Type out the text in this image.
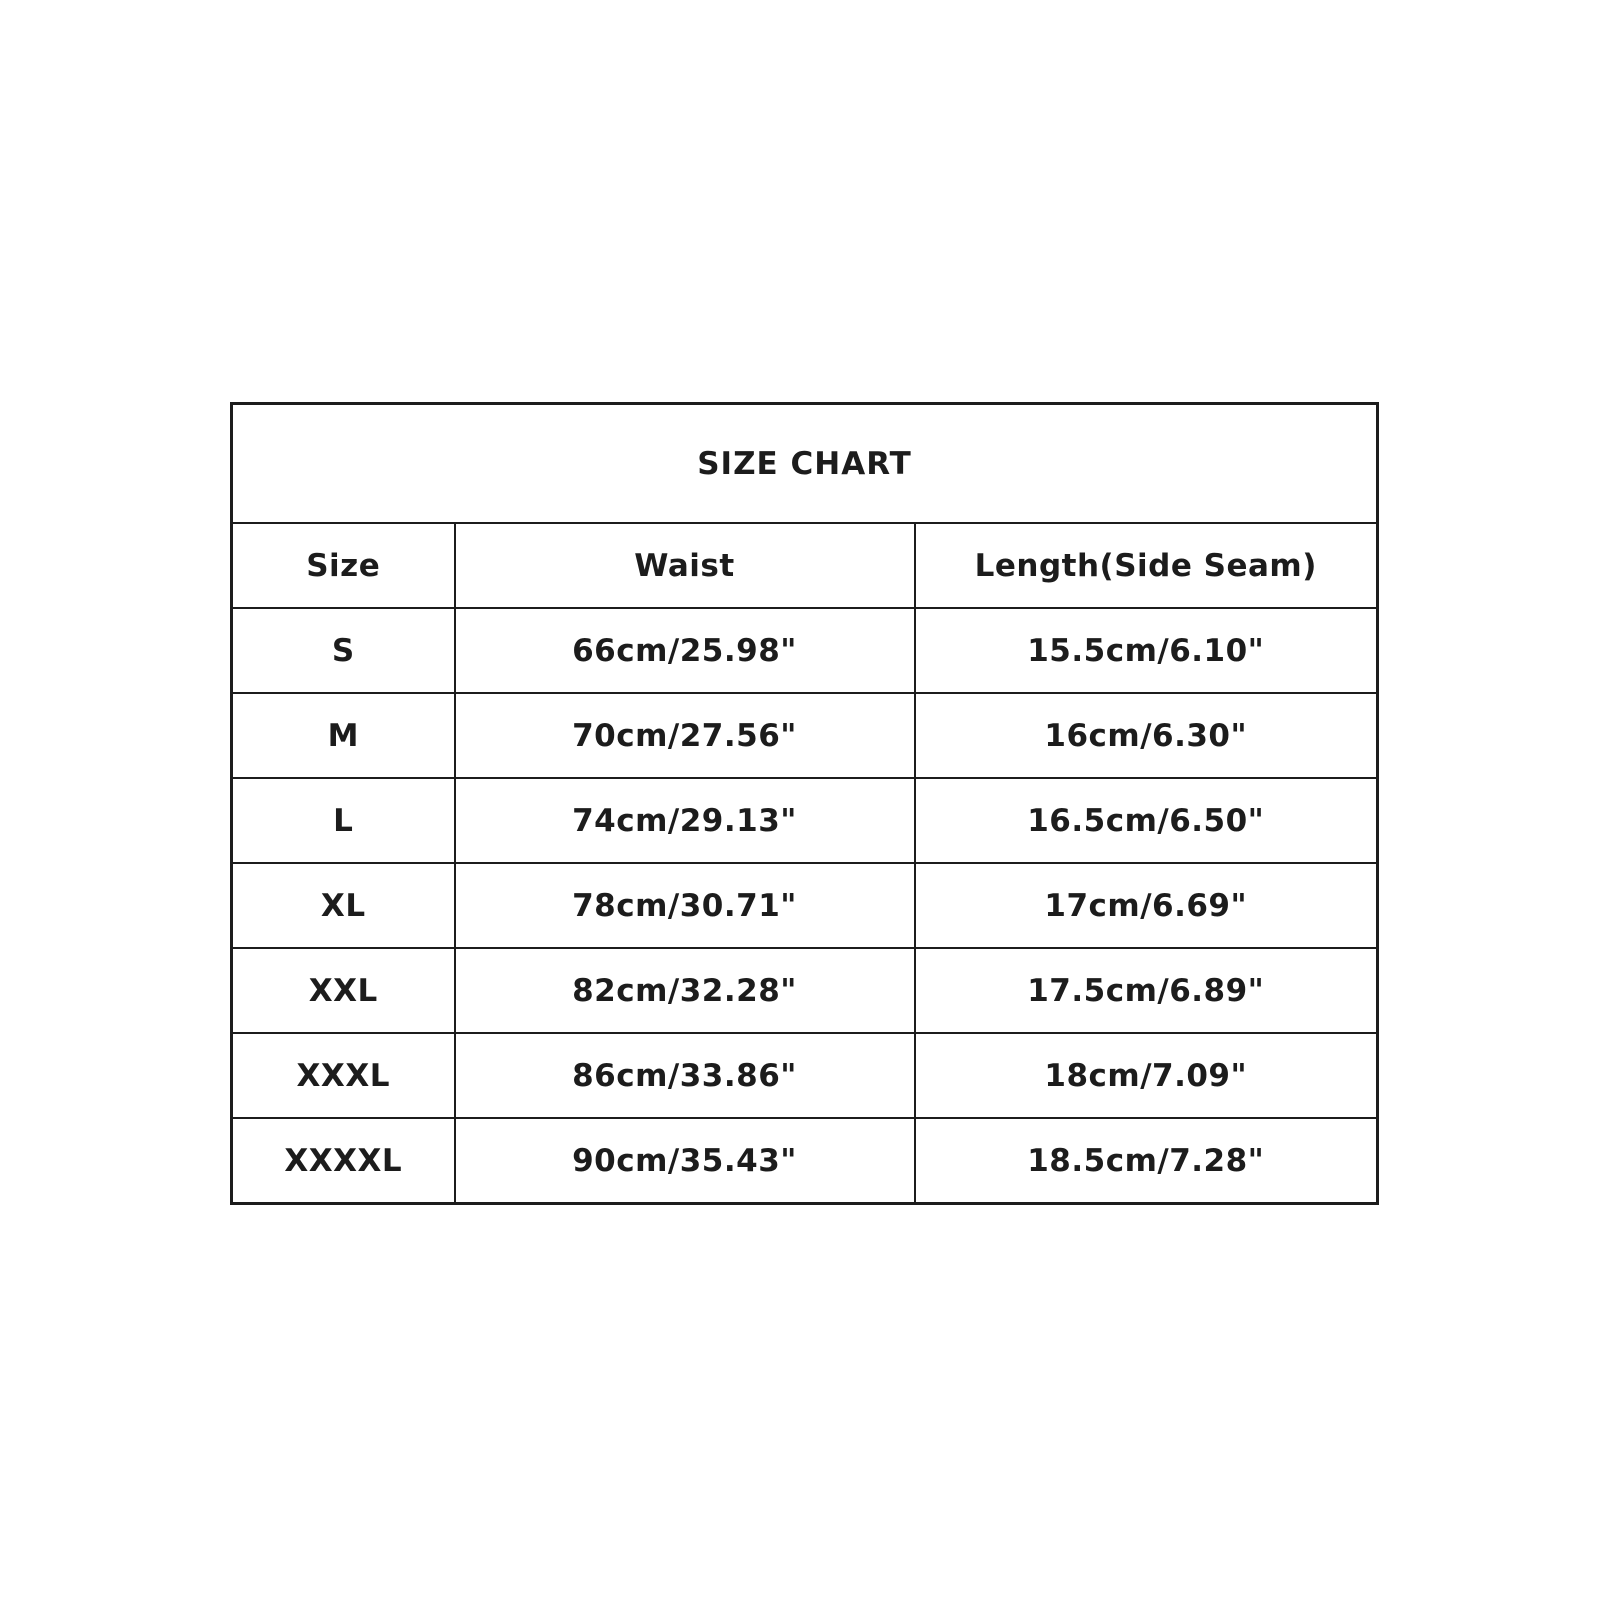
SIZE CHART		
Size	Waist	Length(Side Seam)
S	66cm/25.98"	15.5cm/6.10"
M	70cm/27.56"	16cm/6.30"
L	74cm/29.13"	16.5cm/6.50"
XL	78cm/30.71"	17cm/6.69"
XXL	82cm/32.28"	17.5cm/6.89"
XXXL	86cm/33.86"	18cm/7.09"
XXXXL	90cm/35.43"	18.5cm/7.28"
